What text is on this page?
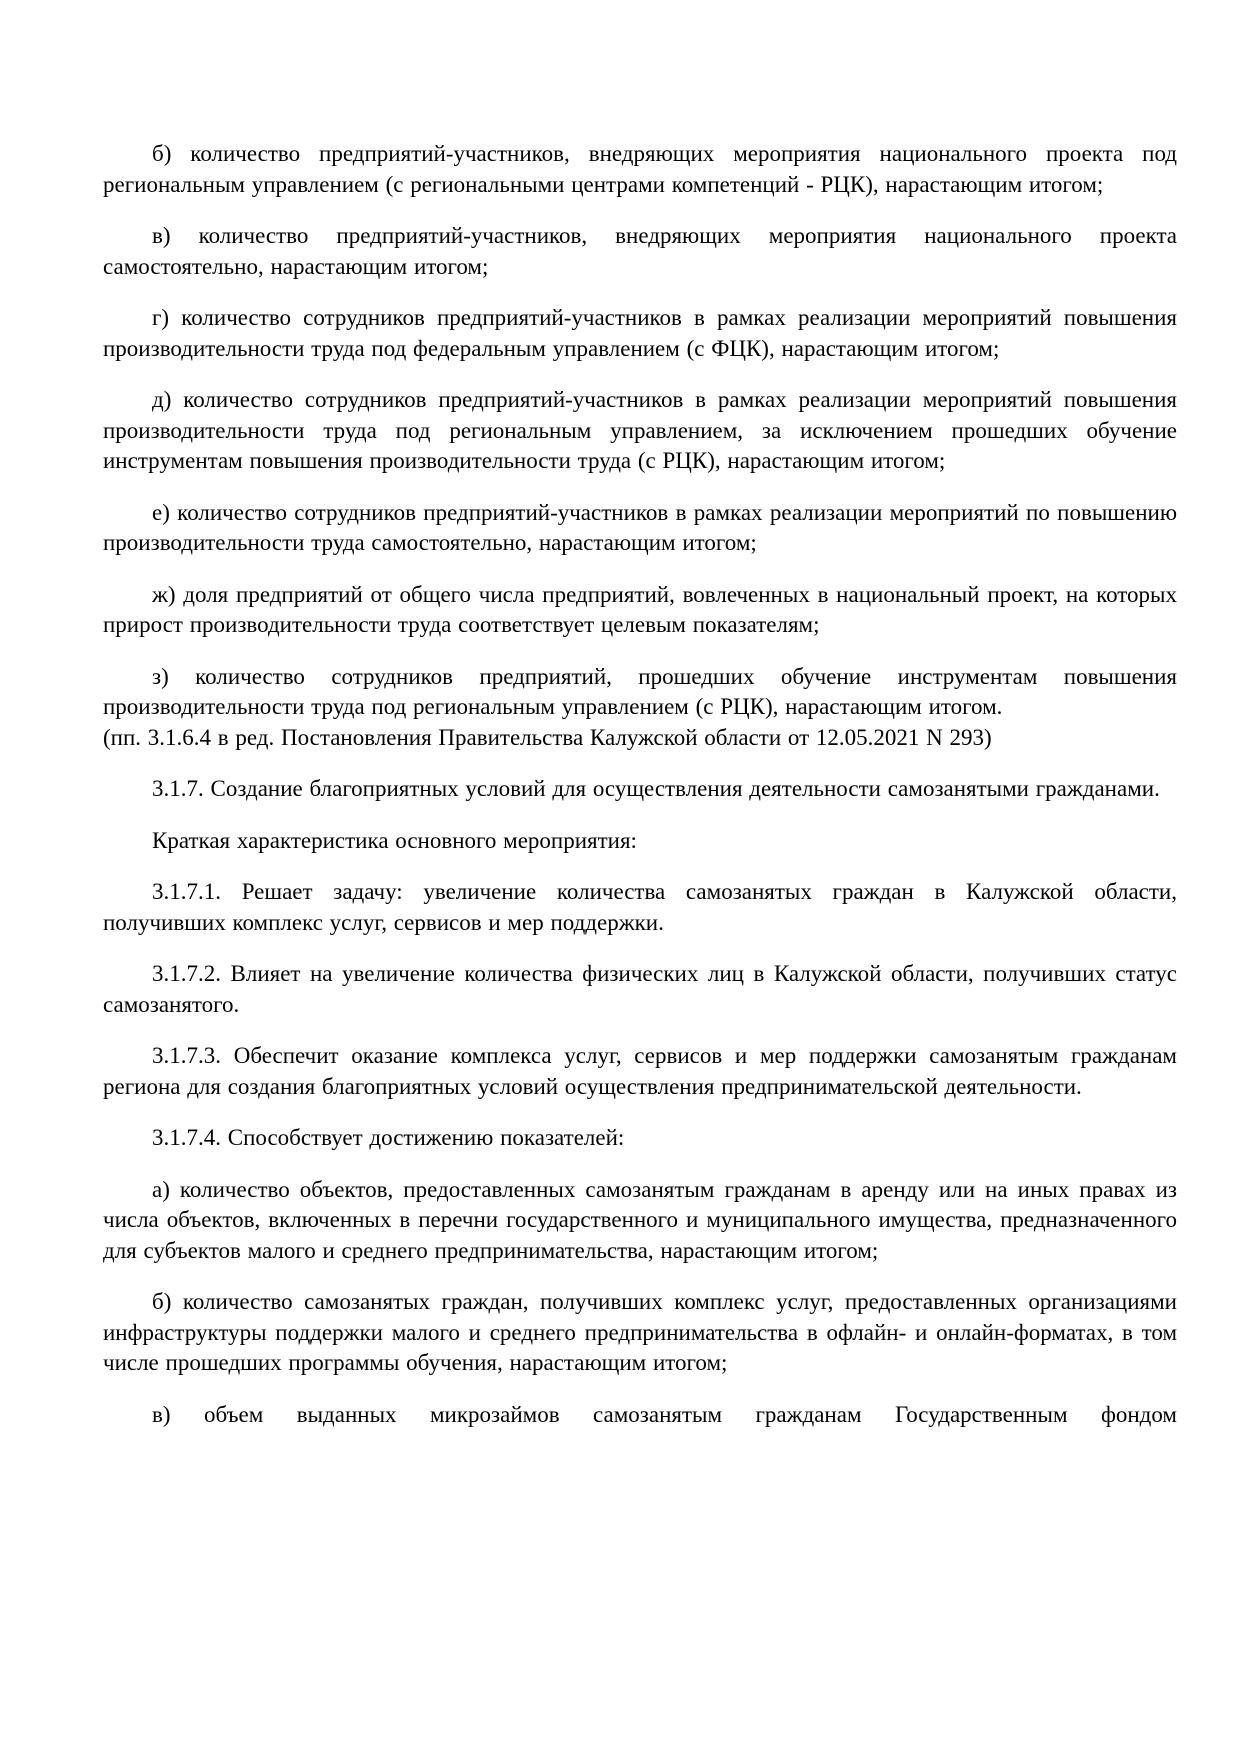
б) количество предприятий-участников, внедряющих мероприятия национального проекта под региональным управлением (с региональными центрами компетенций - РЦК), нарастающим итогом;
в) количество предприятий-участников, внедряющих мероприятия национального проекта самостоятельно, нарастающим итогом;
г) количество сотрудников предприятий-участников в рамках реализации мероприятий повышения производительности труда под федеральным управлением (с ФЦК), нарастающим итогом;
д) количество сотрудников предприятий-участников в рамках реализации мероприятий повышения производительности труда под региональным управлением, за исключением прошедших обучение инструментам повышения производительности труда (с РЦК), нарастающим итогом;
е) количество сотрудников предприятий-участников в рамках реализации мероприятий по повышению производительности труда самостоятельно, нарастающим итогом;
ж) доля предприятий от общего числа предприятий, вовлеченных в национальный проект, на которых прирост производительности труда соответствует целевым показателям;
з) количество сотрудников предприятий, прошедших обучение инструментам повышения производительности труда под региональным управлением (с РЦК), нарастающим итогом.
(пп. 3.1.6.4 в ред. Постановления Правительства Калужской области от 12.05.2021 N 293)
3.1.7. Создание благоприятных условий для осуществления деятельности самозанятыми гражданами.
Краткая характеристика основного мероприятия:
3.1.7.1. Решает задачу: увеличение количества самозанятых граждан в Калужской области, получивших комплекс услуг, сервисов и мер поддержки.
3.1.7.2. Влияет на увеличение количества физических лиц в Калужской области, получивших статус самозанятого.
3.1.7.3. Обеспечит оказание комплекса услуг, сервисов и мер поддержки самозанятым гражданам региона для создания благоприятных условий осуществления предпринимательской деятельности.
3.1.7.4. Способствует достижению показателей:
а) количество объектов, предоставленных самозанятым гражданам в аренду или на иных правах из числа объектов, включенных в перечни государственного и муниципального имущества, предназначенного для субъектов малого и среднего предпринимательства, нарастающим итогом;
б) количество самозанятых граждан, получивших комплекс услуг, предоставленных организациями инфраструктуры поддержки малого и среднего предпринимательства в офлайн- и онлайн-форматах, в том числе прошедших программы обучения, нарастающим итогом;
в) объем выданных микрозаймов самозанятым гражданам Государственным фондом
